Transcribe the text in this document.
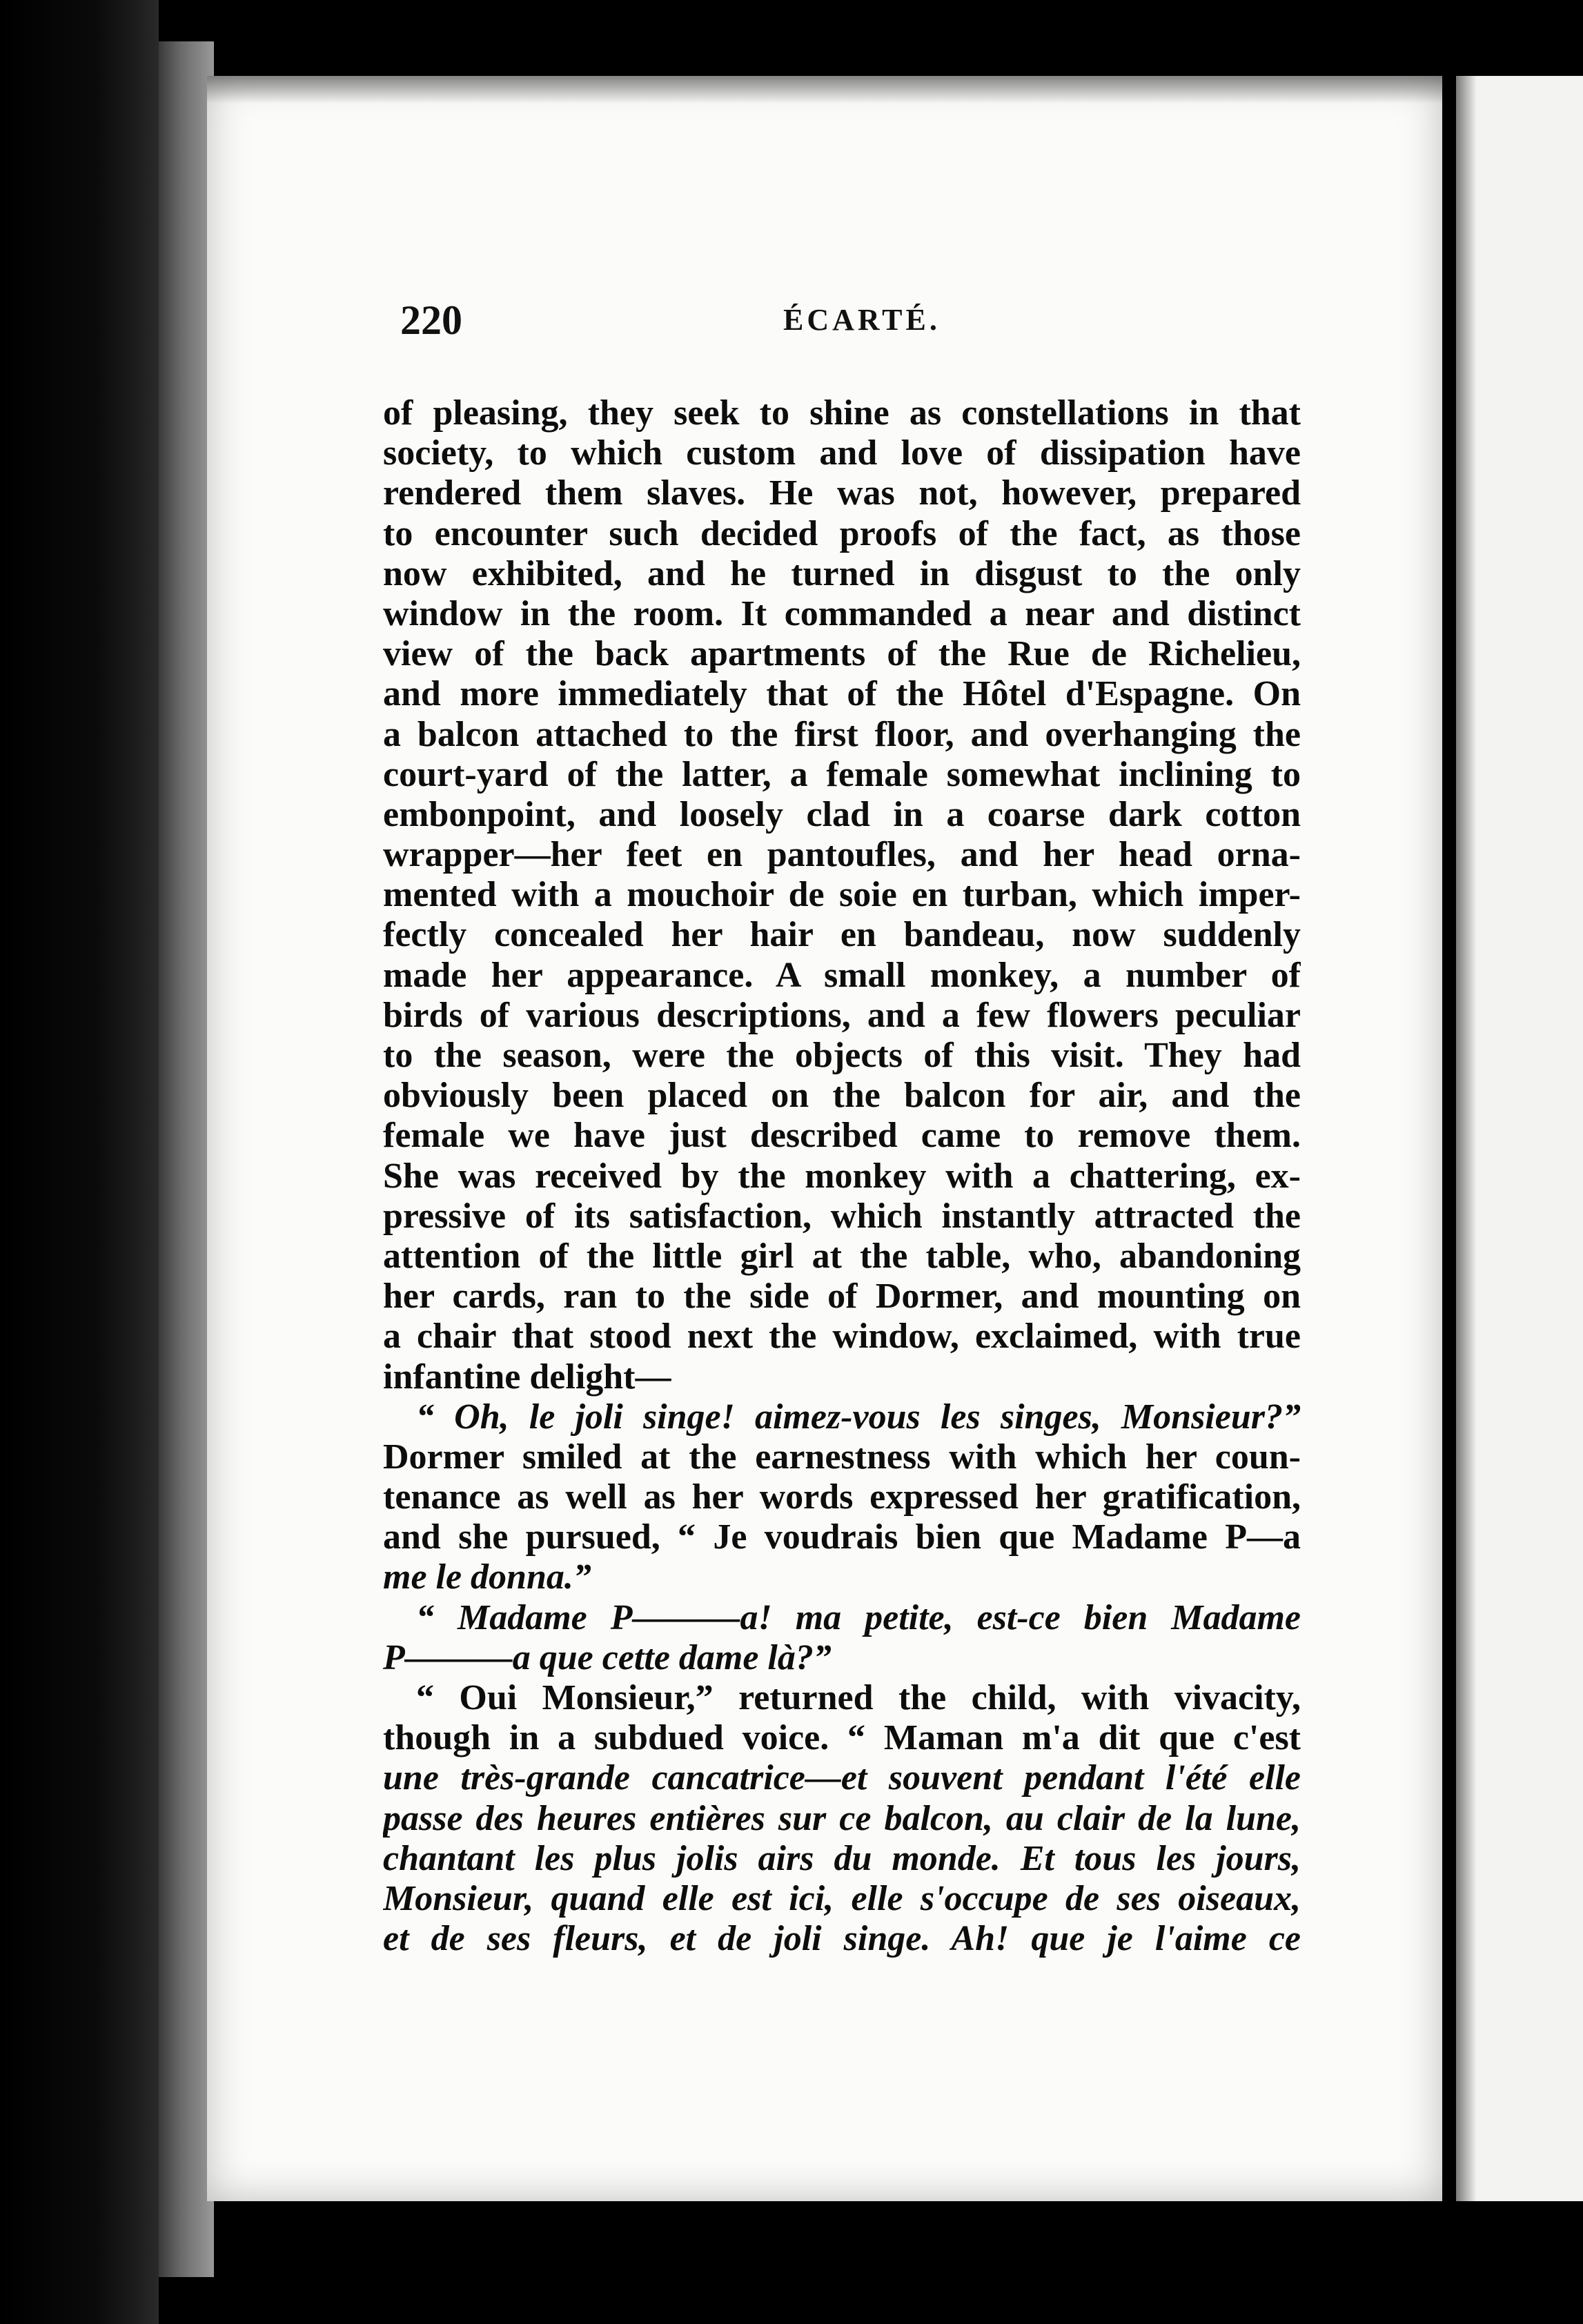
220	ÉCARTÉ.
of pleasing, they seek to shine as constellations in that
society, to which custom and love of dissipation have
rendered them slaves. He was not, however, prepared
to encounter such decided proofs of the fact, as those
now exhibited, and he turned in disgust to the only
window in the room. It commanded a near and distinct
view of the back apartments of the Rue de Richelieu,
and more immediately that of the Hôtel d'Espagne. On
a balcon attached to the first floor, and overhanging the
court-yard of the latter, a female somewhat inclining to
embonpoint, and loosely clad in a coarse dark cotton
wrapper—her feet en pantoufles, and her head orna-
mented with a mouchoir de soie en turban, which imper-
fectly concealed her hair en bandeau, now suddenly
made her appearance. A small monkey, a number of
birds of various descriptions, and a few flowers peculiar
to the season, were the objects of this visit. They had
obviously been placed on the balcon for air, and the
female we have just described came to remove them.
She was received by the monkey with a chattering, ex-
pressive of its satisfaction, which instantly attracted the
attention of the little girl at the table, who, abandoning
her cards, ran to the side of Dormer, and mounting on
a chair that stood next the window, exclaimed, with true
infantine delight—
“ Oh, le joli singe! aimez-vous les singes, Monsieur?”
Dormer smiled at the earnestness with which her coun-
tenance as well as her words expressed her gratification,
and she pursued, “ Je voudrais bien que Madame P—a
me le donna.”
“ Madame P———a! ma petite, est-ce bien Madame
P———a que cette dame là?”
“ Oui Monsieur,” returned the child, with vivacity,
though in a subdued voice. “ Maman m'a dit que c'est
une très-grande cancatrice—et souvent pendant l'été elle
passe des heures entières sur ce balcon, au clair de la lune,
chantant les plus jolis airs du monde. Et tous les jours,
Monsieur, quand elle est ici, elle s'occupe de ses oiseaux,
et de ses fleurs, et de joli singe. Ah! que je l'aime ce
